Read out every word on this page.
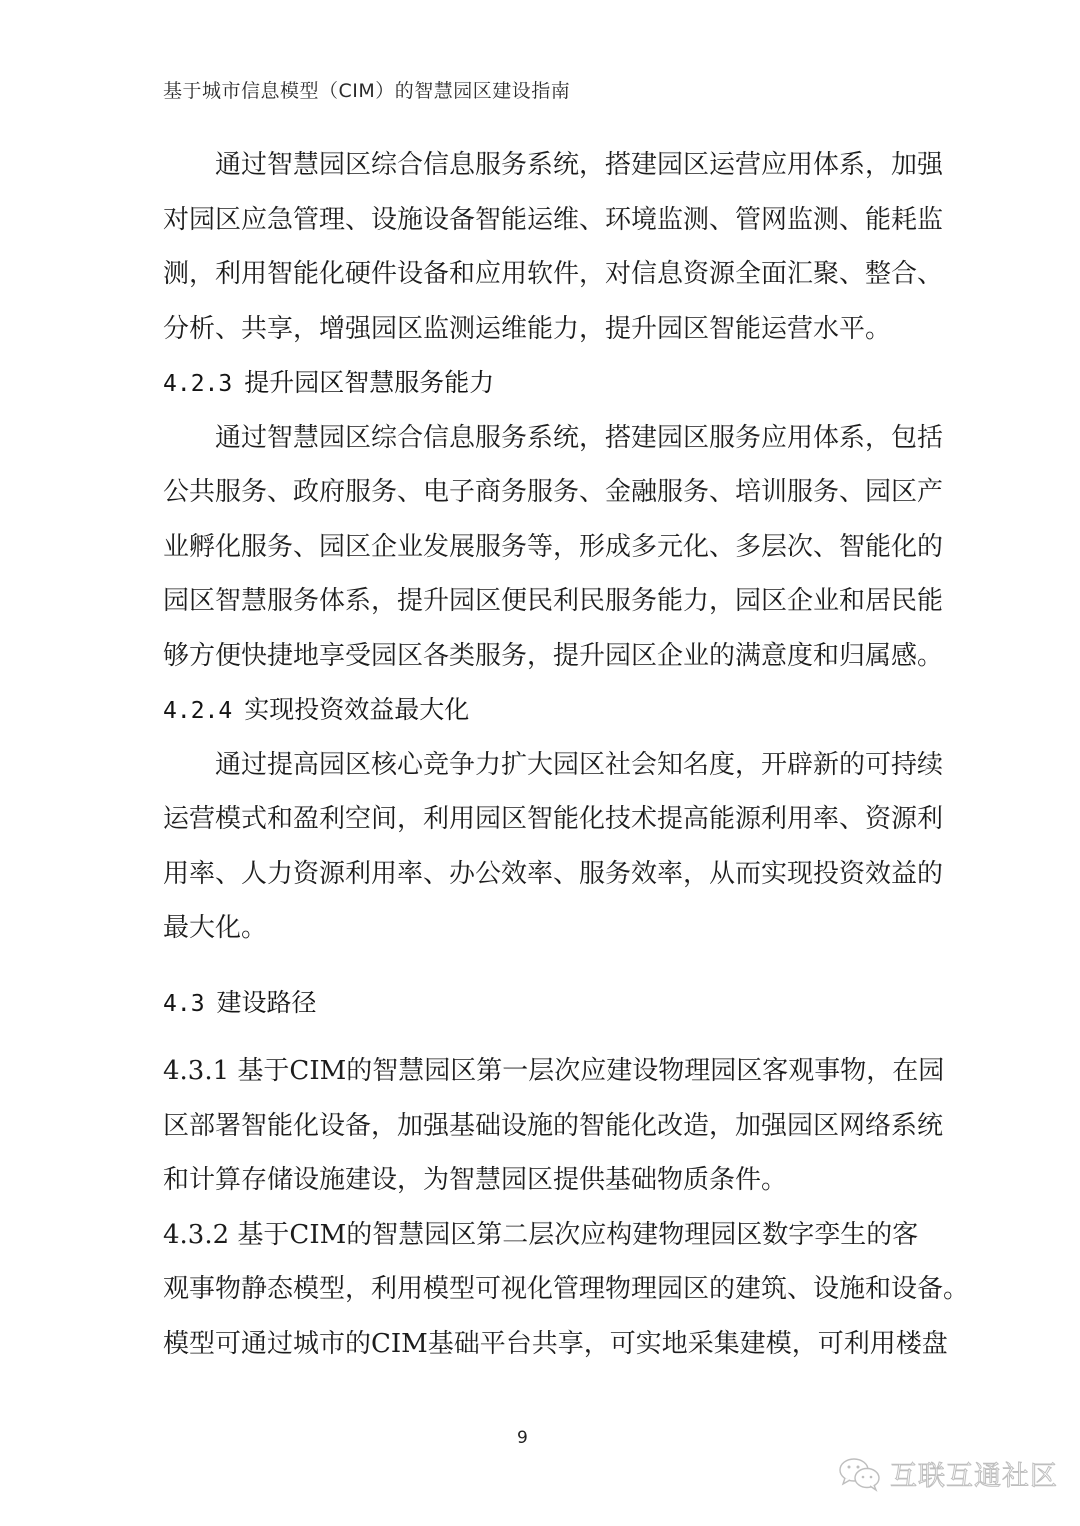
基于城市信息模型（CIM）的智慧园区建设指南
通过智慧园区综合信息服务系统，搭建园区运营应用体系，加强
对园区应急管理、设施设备智能运维、环境监测、管网监测、能耗监
测，利用智能化硬件设备和应用软件，对信息资源全面汇聚、整合、
分析、共享，增强园区监测运维能力，提升园区智能运营水平。
4.2.3 提升园区智慧服务能力
通过智慧园区综合信息服务系统，搭建园区服务应用体系，包括
公共服务、政府服务、电子商务服务、金融服务、培训服务、园区产
业孵化服务、园区企业发展服务等，形成多元化、多层次、智能化的
园区智慧服务体系，提升园区便民利民服务能力，园区企业和居民能
够方便快捷地享受园区各类服务，提升园区企业的满意度和归属感。
4.2.4 实现投资效益最大化
通过提高园区核心竞争力扩大园区社会知名度，开辟新的可持续
运营模式和盈利空间，利用园区智能化技术提高能源利用率、资源利
用率、人力资源利用率、办公效率、服务效率，从而实现投资效益的
最大化。
4.3 建设路径
4.3.1 基于CIM的智慧园区第一层次应建设物理园区客观事物，在园
区部署智能化设备，加强基础设施的智能化改造，加强园区网络系统
和计算存储设施建设，为智慧园区提供基础物质条件。
4.3.2 基于CIM的智慧园区第二层次应构建物理园区数字孪生的客
观事物静态模型，利用模型可视化管理物理园区的建筑、设施和设备。
模型可通过城市的CIM基础平台共享，可实地采集建模，可利用楼盘
9
互联互通社区
